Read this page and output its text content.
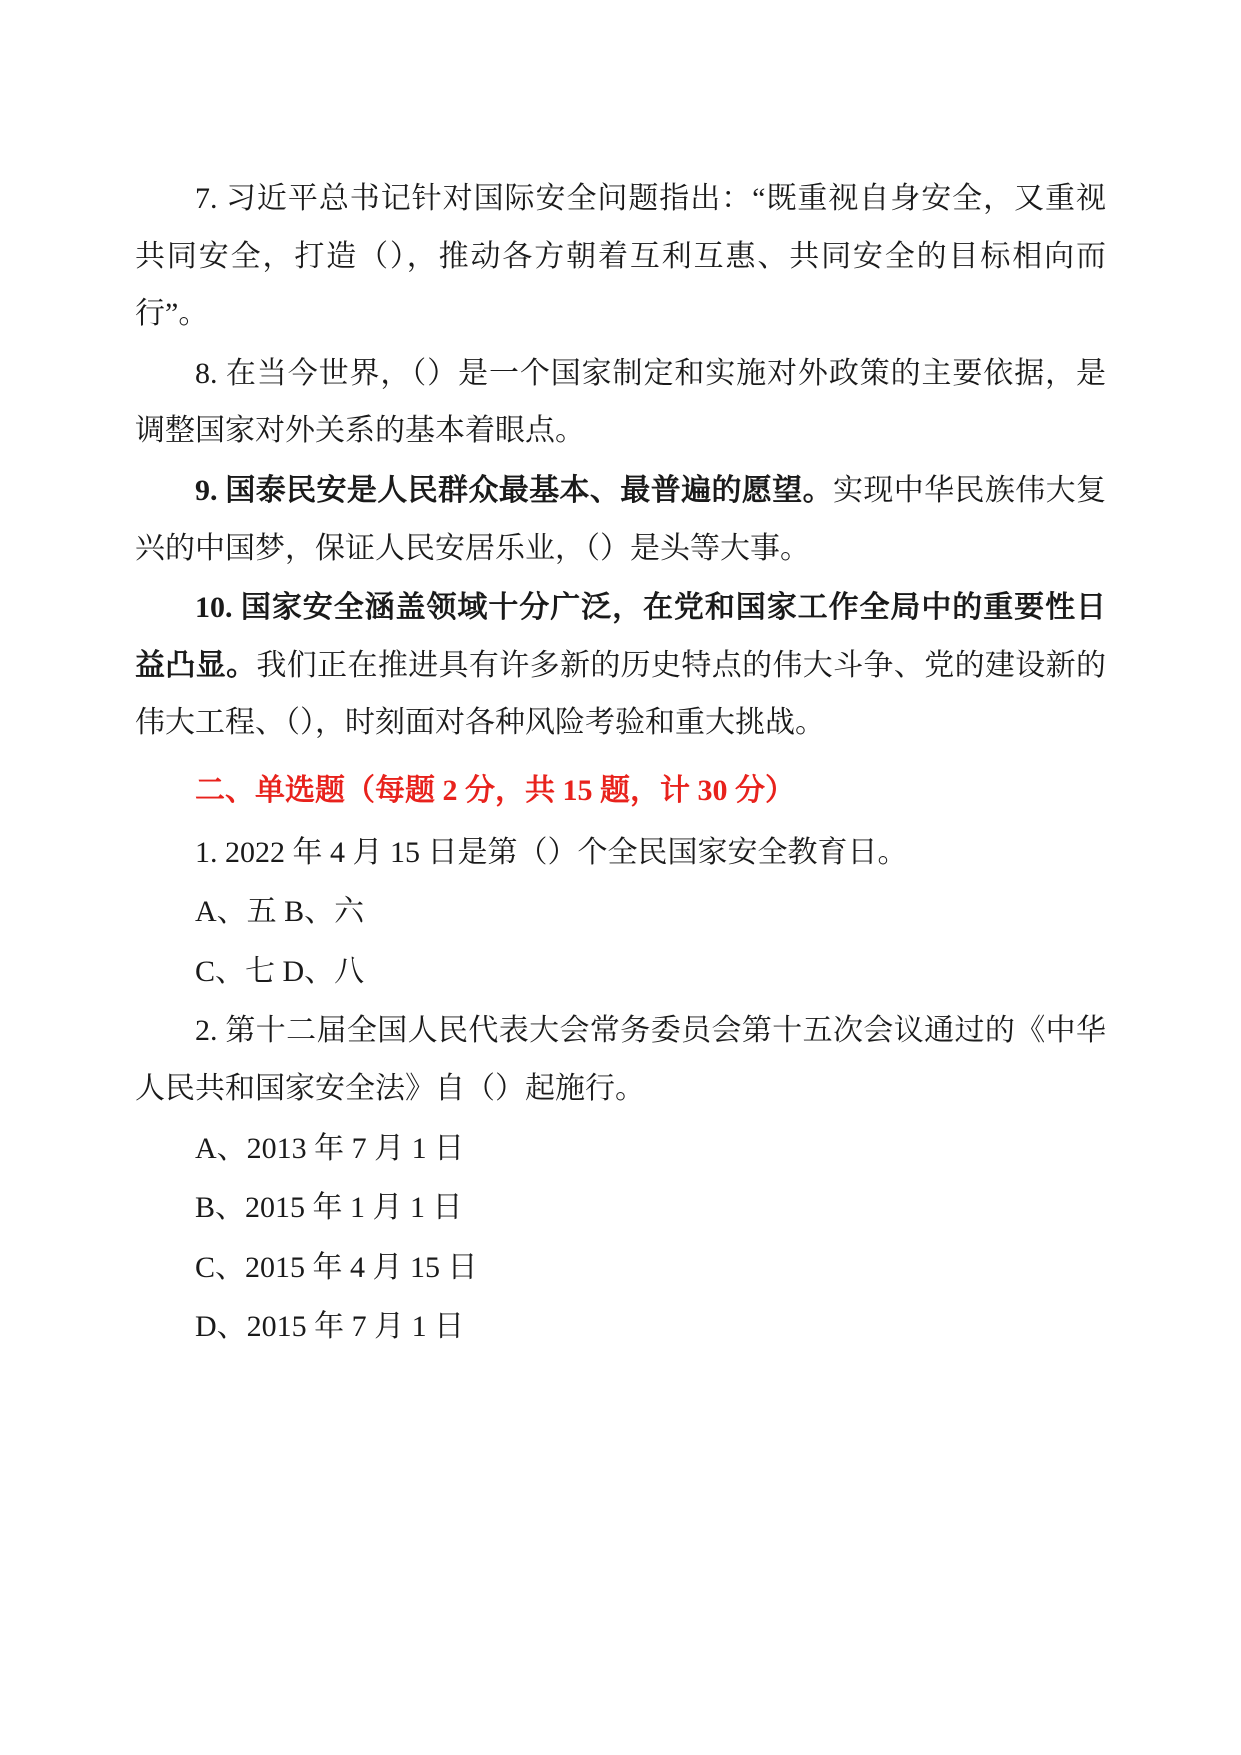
7. 习近平总书记针对国际安全问题指出：“既重视自身安全，又重视共同安全，打造（），推动各方朝着互利互惠、共同安全的目标相向而行”。

8. 在当今世界，（）是一个国家制定和实施对外政策的主要依据，是调整国家对外关系的基本着眼点。

9. 国泰民安是人民群众最基本、最普遍的愿望。实现中华民族伟大复兴的中国梦，保证人民安居乐业，（）是头等大事。

10. 国家安全涵盖领域十分广泛，在党和国家工作全局中的重要性日益凸显。我们正在推进具有许多新的历史特点的伟大斗争、党的建设新的伟大工程、（），时刻面对各种风险考验和重大挑战。

二、单选题（每题 2 分，共 15 题，计 30 分）

1. 2022 年 4 月 15 日是第（）个全民国家安全教育日。

A、五 B、六

C、七 D、八

2. 第十二届全国人民代表大会常务委员会第十五次会议通过的《中华人民共和国家安全法》自（）起施行。

A、2013 年 7 月 1 日

B、2015 年 1 月 1 日

C、2015 年 4 月 15 日

D、2015 年 7 月 1 日
